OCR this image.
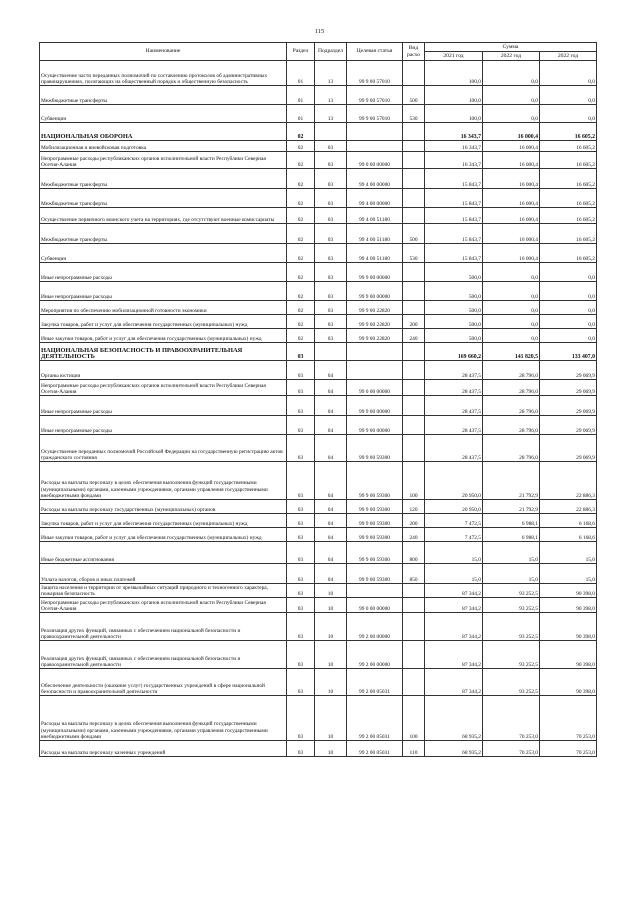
115
Наименование	Раздел	Подраздел	Целевая статья	Вид расхо	Сумма		
					2021 год	2022 год	2022 год
Осуществление части переданных полномочий по составлению протоколов об административных правонарушениях, посягающих на общественный порядок и общественную безопасность	01	13	99 9 00 57010		100,0	0,0	0,0
Межбюджетные трансферты	01	13	99 9 00 57010	500	100,0	0,0	0,0
Субвенции	01	13	99 9 00 57010	530	100,0	0,0	0,0
НАЦИОНАЛЬНАЯ ОБОРОНА	02				16 343,7	16 000,4	16 605,2
Мобилизационная и вневойсковая подготовка	02	03			16 343,7	16 000,4	16 605,2
Непрограммные расходы республиканских органов исполнительной власти Республики Северная Осетия-Алания	02	03	99 0 00 00000		16 343,7	16 000,4	16 605,2
Межбюджетные трансферты	02	03	99 4 00 00000		15 843,7	16 000,4	16 605,2
Межбюджетные трансферты	02	03	99 4 00 00000		15 843,7	16 000,4	16 605,2
Осуществление первичного воинского учета на территориях, где отсутствуют военные комиссариаты	02	03	99 4 00 51180		15 843,7	16 000,4	16 605,2
Межбюджетные трансферты	02	03	99 4 00 51180	500	15 843,7	16 000,4	16 605,2
Субвенции	02	03	99 4 00 51180	530	15 843,7	16 000,4	16 605,2
Иные непрограммные расходы	02	03	99 9 00 00000		500,0	0,0	0,0
Иные непрограммные расходы	02	03	99 9 00 00000		500,0	0,0	0,0
Мероприятия по обеспечению мобилизационной готовности экономики	02	03	99 9 00 22820		500,0	0,0	0,0
Закупка товаров, работ и услуг для обеспечения государственных (муниципальных) нужд	02	03	99 9 00 22820	200	500,0	0,0	0,0
Иные закупки товаров, работ и услуг для обеспечения государственных (муниципальных) нужд	02	03	99 9 00 22820	240	500,0	0,0	0,0
НАЦИОНАЛЬНАЯ БЕЗОПАСНОСТЬ И ПРАВООХРАНИТЕЛЬНАЯ ДЕЯТЕЛЬНОСТЬ	03				169 660,2	141 820,5	133 407,0
Органы юстиции	03	04			28 437,5	28 796,0	29 069,9
Непрограммные расходы республиканских органов исполнительной власти Республики Северная Осетия-Алания	03	04	99 0 00 00000		28 437,5	28 796,0	29 069,9
Иные непрограммные расходы	03	04	99 9 00 00000		28 437,5	28 796,0	29 069,9
Иные непрограммные расходы	03	04	99 9 00 00000		28 437,5	28 796,0	29 069,9
Осуществление переданных полномочий Российской Федерации на государственную регистрацию актов гражданского состояния	03	04	99 9 00 59300		28 437,5	28 796,0	29 069,9
Расходы на выплаты персоналу в целях обеспечения выполнения функций государственными (муниципальными) органами, казенными учреждениями, органами управления государственными внебюджетными фондами	03	04	99 9 00 59300	100	20 950,0	21 792,9	22 886,3
Расходы на выплаты персоналу государственных (муниципальных) органов	03	04	99 9 00 59300	120	20 950,0	21 792,9	22 886,3
Закупка товаров, работ и услуг для обеспечения государственных (муниципальных) нужд	03	04	99 9 00 59300	200	7 472,5	6 988,1	6 168,6
Иные закупки товаров, работ и услуг для обеспечения государственных (муниципальных) нужд	03	04	99 9 00 59300	240	7 472,5	6 988,1	6 168,6
Иные бюджетные ассигнования	03	04	99 9 00 59300	800	15,0	15,0	15,0
Уплата налогов, сборов и иных платежей	03	04	99 9 00 59300	850	15,0	15,0	15,0
Защита населения и территории от чрезвычайных ситуаций природного и техногенного характера, пожарная безопасность	03	10			87 344,2	93 252,5	90 398,0
Непрограммные расходы республиканских органов исполнительной власти Республики Северная Осетия-Алания	03	10	99 0 00 00000		87 344,2	93 252,5	90 398,0
Реализация других функций, связанных с обеспечением национальной безопасности и правоохранительной деятельности	03	10	99 2 00 00000		87 344,2	93 252,5	90 398,0
Реализация других функций, связанных с обеспечением национальной безопасности и правоохранительной деятельности	03	10	99 2 00 00000		87 344,2	93 252,5	90 398,0
Обеспечение деятельности (оказание услуг) государственных учреждений в сфере национальной безопасности и правоохранительной деятельности	03	10	99 2 00 05031		87 344,2	93 252,5	90 398,0
Расходы на выплаты персоналу в целях обеспечения выполнения функций государственными (муниципальными) органами, казенными учреждениями, органами управления государственными внебюджетными фондами	03	10	99 2 00 05031	100	68 935,2	70 253,0	70 253,0
Расходы на выплаты персоналу казенных учреждений	03	10	99 2 00 05031	110	68 935,2	70 253,0	70 253,0
